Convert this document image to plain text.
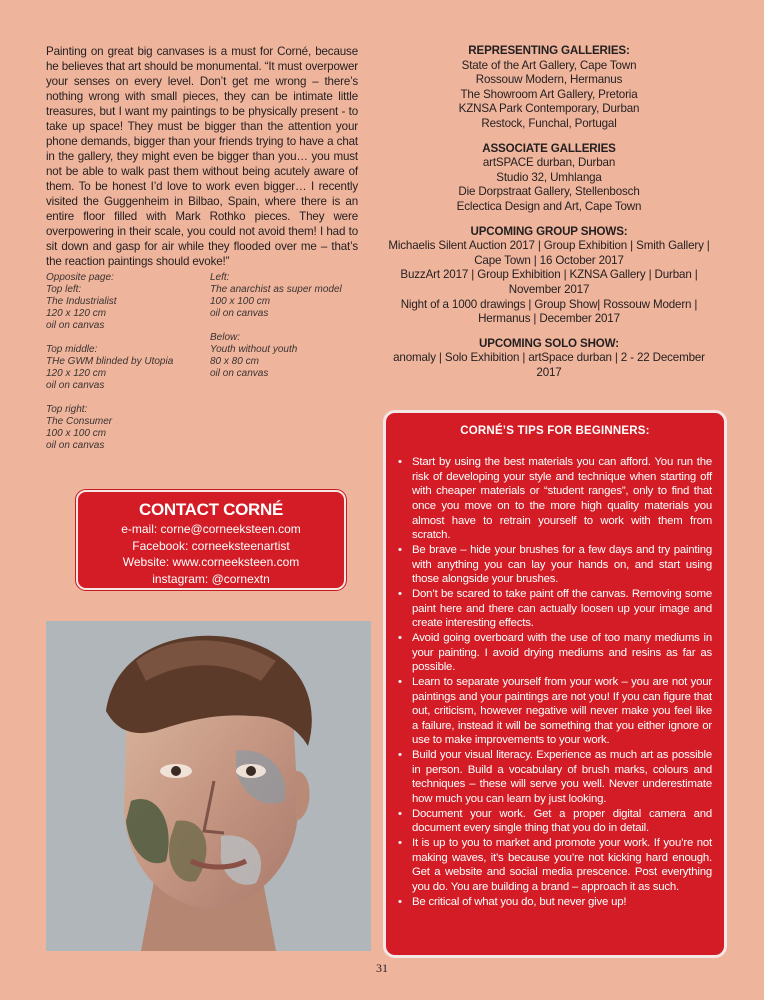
Painting on great big canvases is a must for Corné, because he believes that art should be monumental. “It must overpower your senses on every level. Don’t get me wrong – there’s nothing wrong with small pieces, they can be intimate little treasures, but I want my paintings to be physically present - to take up space! They must be bigger than the attention your phone demands, bigger than your friends trying to have a chat in the gallery, they might even be bigger than you… you must not be able to walk past them without being acutely aware of them. To be honest I’d love to work even bigger… I recently visited the Guggenheim in Bilbao, Spain, where there is an entire floor filled with Mark Rothko pieces. They were overpowering in their scale, you could not avoid them! I had to sit down and gasp for air while they flooded over me – that’s the reaction paintings should evoke!”

Opposite page:
Top left:
The Industrialist
120 x 120 cm
oil on canvas
Top middle:
THe GWM blinded by Utopia
120 x 120 cm
oil on canvas
Top right:
The Consumer
100 x 100 cm
oil on canvas
Left:
The anarchist as super model
100 x 100 cm
oil on canvas
Below:
Youth without youth
80 x 80 cm
oil on canvas
REPRESENTING GALLERIES:
State of the Art Gallery, Cape Town
Rossouw Modern, Hermanus
The Showroom Art Gallery, Pretoria
KZNSA Park Contemporary, Durban
Restock, Funchal, Portugal
ASSOCIATE GALLERIES
artSPACE durban, Durban
Studio 32, Umhlanga
Die Dorpstraat Gallery, Stellenbosch
Eclectica Design and Art, Cape Town
UPCOMING GROUP SHOWS:
Michaelis Silent Auction 2017 | Group Exhibition | Smith Gallery | Cape Town | 16 October 2017
BuzzArt 2017 | Group Exhibition | KZNSA Gallery | Durban | November 2017
Night of a 1000 drawings | Group Show| Rossouw Modern | Hermanus | December 2017
UPCOMING SOLO SHOW:
anomaly | Solo Exhibition | artSpace durban | 2 - 22 December 2017
CONTACT CORNÉ
e-mail: corne@corneeksteen.com
Facebook: corneeksteenartist
Website: www.corneeksteen.com
instagram: @cornextn
CORNÉ’S TIPS FOR BEGINNERS:
• Start by using the best materials you can afford. You run the risk of developing your style and technique when starting off with cheaper materials or “student ranges”, only to find that once you move on to the more high quality materials you almost have to retrain yourself to work with them from scratch.
• Be brave – hide your brushes for a few days and try painting with anything you can lay your hands on, and start using those alongside your brushes.
• Don’t be scared to take paint off the canvas. Removing some paint here and there can actually loosen up your image and create interesting effects.
• Avoid going overboard with the use of too many mediums in your painting. I avoid drying mediums and resins as far as possible.
• Learn to separate yourself from your work – you are not your paintings and your paintings are not you! If you can figure that out, criticism, however negative will never make you feel like a failure, instead it will be something that you either ignore or use to make improvements to your work.
• Build your visual literacy. Experience as much art as possible in person. Build a vocabulary of brush marks, colours and techniques – these will serve you well. Never underestimate how much you can learn by just looking.
• Document your work. Get a proper digital camera and document every single thing that you do in detail.
• It is up to you to market and promote your work. If you’re not making waves, it’s because you’re not kicking hard enough. Get a website and social media prescence. Post everything you do. You are building a brand – approach it as such.
• Be critical of what you do, but never give up!
31
